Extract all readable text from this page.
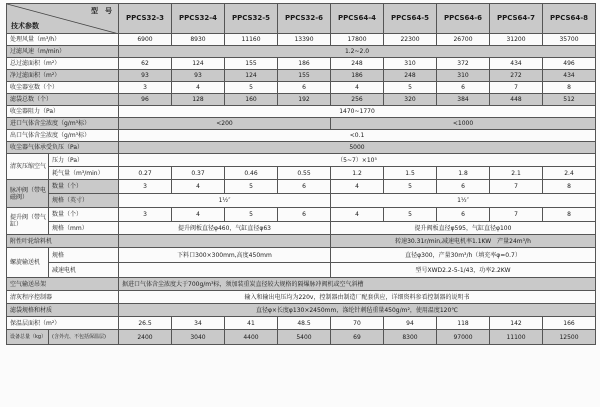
型　号
技术参数		PPCS32-3	PPCS32-4	PPCS32-5	PPCS32-6	PPCS64-4	PPCS64-5	PPCS64-6	PPCS64-7	PPCS64-8
处理风量（m³/h）		6900	8930	11160	13390	17800	22300	26700	31200	35700
过滤风速（m/min）		1.2~2.0								
总过滤面积（m²）		62	124	155	186	248	310	372	434	496
净过滤面积（m²）		93	93	124	155	186	248	310	272	434
收尘器室数（个）		3	4	5	6	4	5	6	7	8
滤袋总数（个）		96	128	160	192	256	320	384	448	512
收尘器阻力（Pa）		1470~1770								
进口气体含尘浓度（g/m³标）		<200				<1000				
出口气体含尘浓度（g/m³标）		<0.1								
收尘器气体承受负压（Pa）		5000								
清灰压缩空气	压力（Pa）	（5~7）×10⁵								
	耗气量（m³/min）	0.27	0.37	0.46	0.55	1.2	1.5	1.8	2.1	2.4
脉冲阀（带电磁阀）	数量（个）	3	4	5	6	4	5	6	7	8
	规格（英寸）	1½″				1½″				
提升阀（带气缸）	数量（个）	3	4	5	6	4	5	6	7	8
	规格（mm）	提升阀板直径φ460，气缸直径φ63				提升阀板直径φ595，气缸直径φ100				
附性叶轮给料机						转速30.31r/min,减速电机率1.1KW　产量24m³/h				
螺旋输送机	规格	下料口300×300mm,高度450mm				直径φ300，产量30m³/h（填充率φ=0.7）				
	减速电机					型号XWD2.2-5-1/43，功率2.2KW				
空气输送吊架		据进口气体含尘浓度大于700g/m³标，须加装重炭直径较大规格的隔爆脉冲阀机或空气斜槽								
清灰程序控制器		输入和输出电压均为220v，控制器由制造厂配套供应，详细资料参看控制器的说明书								
滤袋规格和材质		直径φ×长度φ130×2450mm，涤纶针刺毡重量450g/m²，使用温度120℃								
保温层面积（m²）		26.5	34	41	48.5	70	94	118	142	166
设备总量（kg）	(含外壳、不包括保温层)	2400	3040	4400	5400	69	8300	97000	11100	12500
